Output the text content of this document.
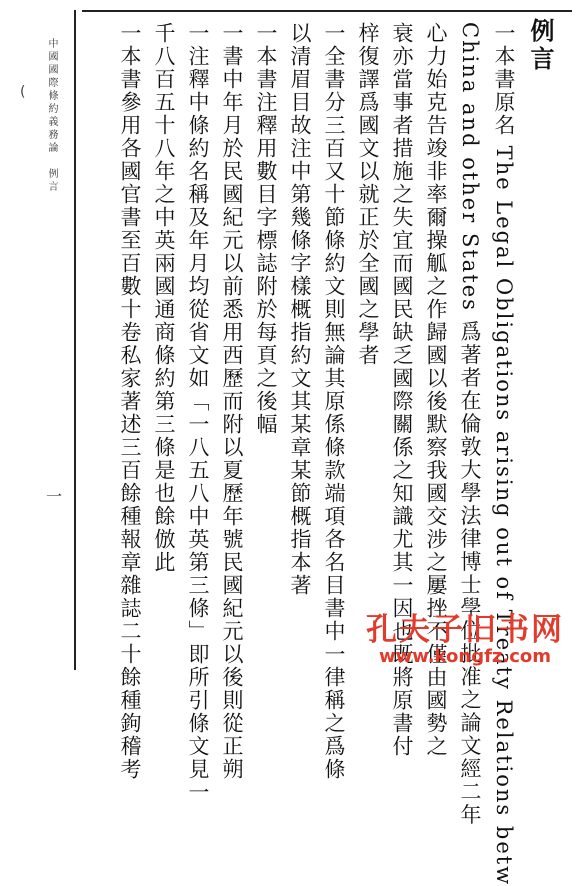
例言
一本書原名 The Legal Obligations arising out of Treaty Relations betw
China and other States 爲著者在倫敦大學法律博士學位批准之論文經二年
心力始克告竣非率爾操觚之作歸國以後默察我國交涉之屢挫不僅由國勢之
衰亦當事者措施之失宜而國民缺乏國際關係之知識尤其一因也既將原書付
梓復譯爲國文以就正於全國之學者
一全書分三百又十節條約文則無論其原係條款端項各名目書中一律稱之爲條
以清眉目故注中第幾條字樣概指約文其某章某節概指本著
一本書注釋用數目字標誌附於每頁之後幅
一書中年月於民國紀元以前悉用西歷而附以夏歷年號民國紀元以後則從正朔
一注釋中條約名稱及年月均從省文如「一八五八中英第三條」即所引條文見一
千八百五十八年之中英兩國通商條約第三條是也餘倣此
一本書參用各國官書至百數十卷私家著述三百餘種報章雜誌二十餘種鉤稽考
中國國際條約義務論　例言
(
一
孔夫子旧书网
www.kongfz.com
